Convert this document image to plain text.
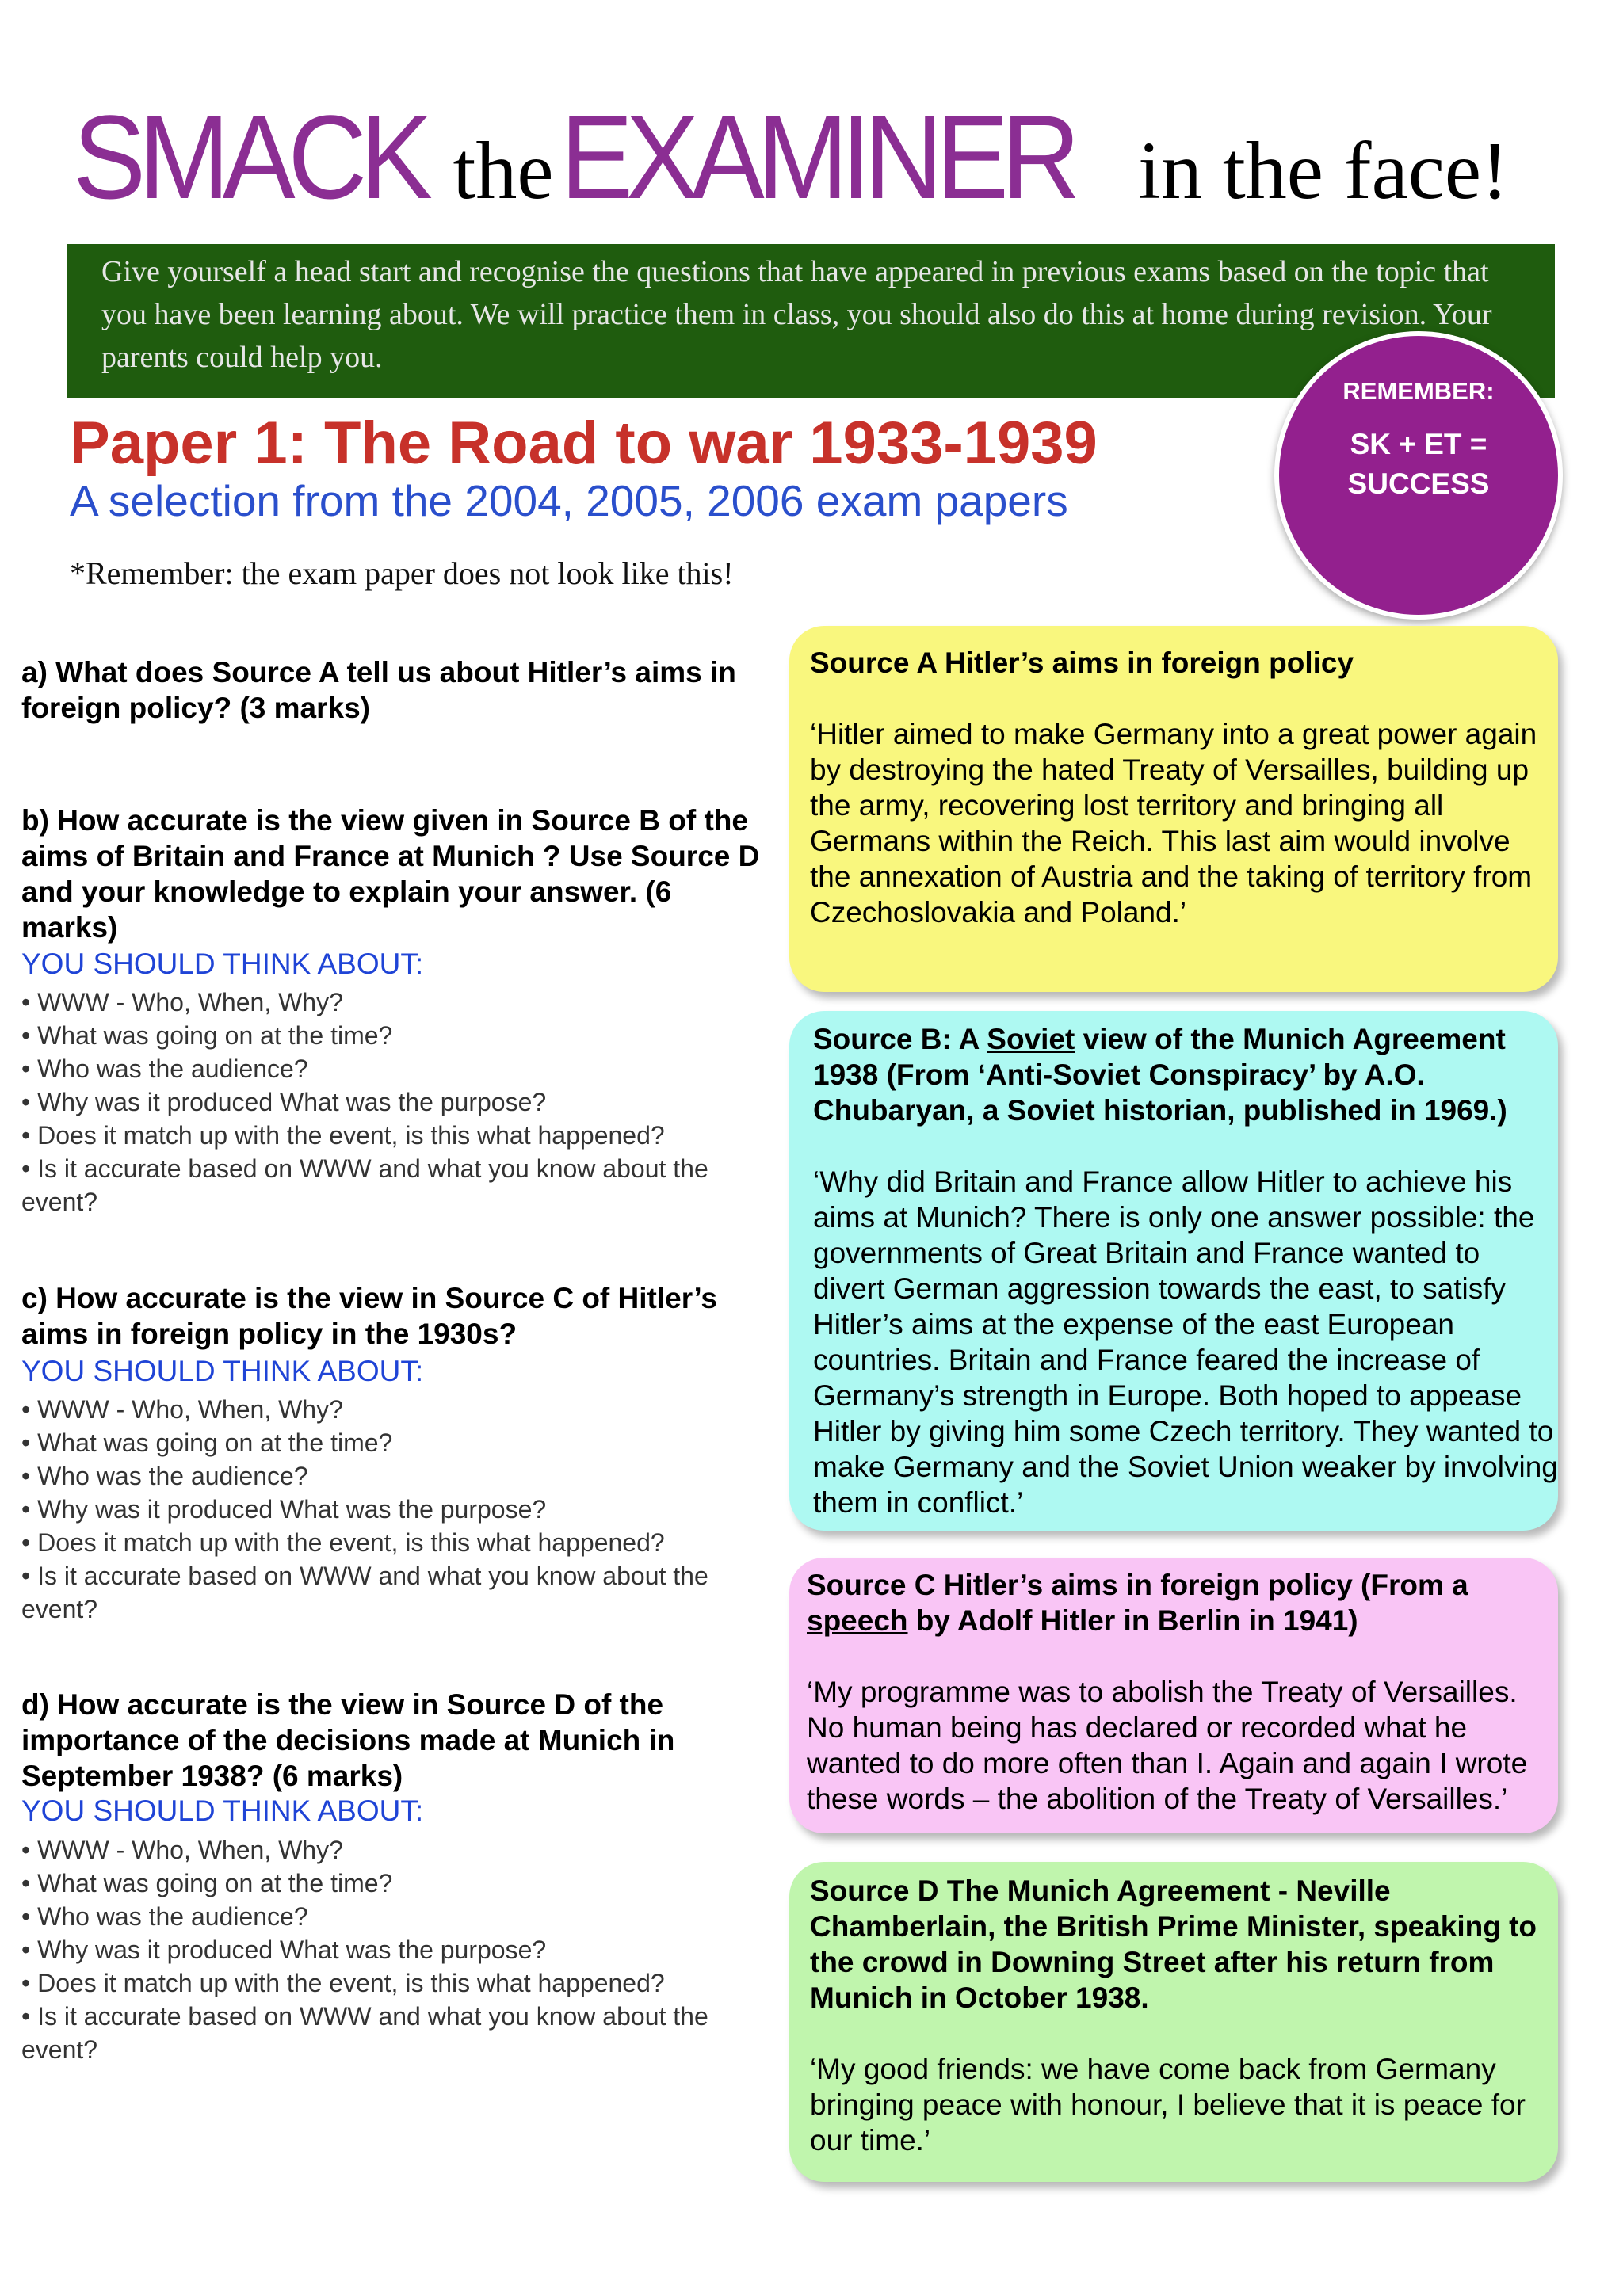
SMACK theEXAMINER in the face!
Give yourself a head start and recognise the questions that have appeared in previous exams based on the topic that you have been learning about. We will practice them in class, you should also do this at home during revision. Your parents could help you.
REMEMBER:
SK + ET =
SUCCESS
Paper 1: The Road to war 1933-1939
A selection from the 2004, 2005, 2006 exam papers
*Remember: the exam paper does not look like this!
a) What does Source A tell us about Hitler’s aims in foreign policy? (3 marks)
b) How accurate is the view given in Source B of the aims of Britain and France at Munich ? Use Source D and your knowledge to explain your answer. (6 marks)
YOU SHOULD THINK ABOUT:
• WWW - Who, When, Why?
• What was going on at the time?
• Who was the audience?
• Why was it produced What was the purpose?
• Does it match up with the event, is this what happened?
• Is it accurate based on WWW and what you know about the event?
c) How accurate is the view in Source C of Hitler’s aims in foreign policy in the 1930s?
YOU SHOULD THINK ABOUT:
• WWW - Who, When, Why?
• What was going on at the time?
• Who was the audience?
• Why was it produced What was the purpose?
• Does it match up with the event, is this what happened?
• Is it accurate based on WWW and what you know about the event?
d) How accurate is the view in Source D of the importance of the decisions made at Munich in September 1938? (6 marks)
YOU SHOULD THINK ABOUT:
• WWW - Who, When, Why?
• What was going on at the time?
• Who was the audience?
• Why was it produced What was the purpose?
• Does it match up with the event, is this what happened?
• Is it accurate based on WWW and what you know about the event?
Source A Hitler’s aims in foreign policy
‘Hitler aimed to make Germany into a great power again by destroying the hated Treaty of Versailles, building up the army, recovering lost territory and bringing all Germans within the Reich. This last aim would involve the annexation of Austria and the taking of territory from Czechoslovakia and Poland.’
Source B: A Soviet view of the Munich Agreement 1938 (From ‘Anti-Soviet Conspiracy’ by A.O. Chubaryan, a Soviet historian, published in 1969.)
‘Why did Britain and France allow Hitler to achieve his aims at Munich? There is only one answer possible: the governments of Great Britain and France wanted to divert German aggression towards the east, to satisfy Hitler’s aims at the expense of the east European countries. Britain and France feared the increase of Germany’s strength in Europe. Both hoped to appease Hitler by giving him some Czech territory. They wanted to make Germany and the Soviet Union weaker by involving them in conflict.’
Source C Hitler’s aims in foreign policy (From a speech by Adolf Hitler in Berlin in 1941)
‘My programme was to abolish the Treaty of Versailles. No human being has declared or recorded what he wanted to do more often than I. Again and again I wrote these words – the abolition of the Treaty of Versailles.’
Source D The Munich Agreement - Neville Chamberlain, the British Prime Minister, speaking to the crowd in Downing Street after his return from Munich in October 1938.
‘My good friends: we have come back from Germany bringing peace with honour, I believe that it is peace for our time.’
